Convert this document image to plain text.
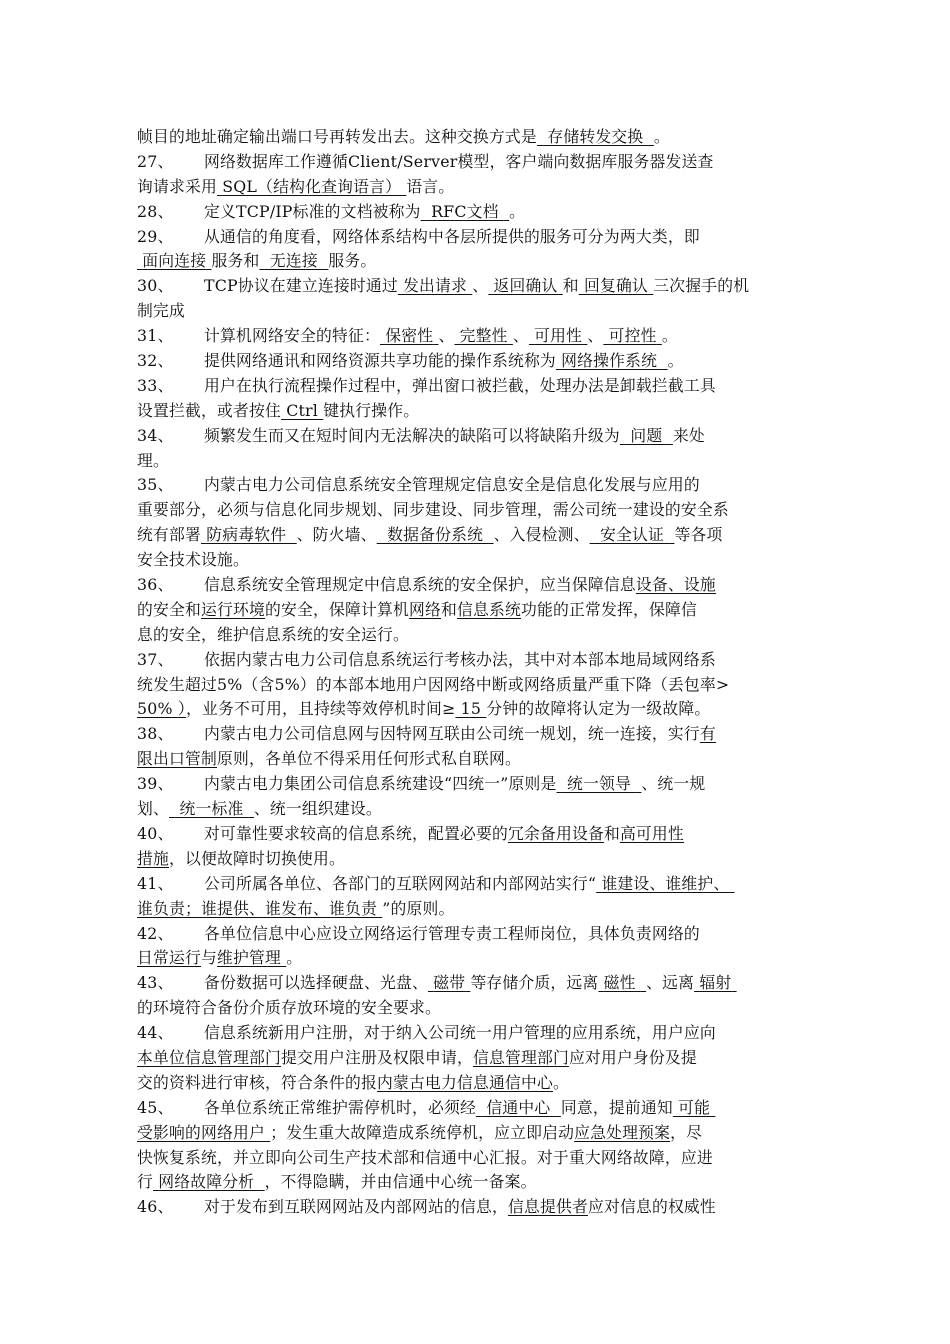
帧目的地址确定输出端口号再转发出去。这种交换方式是 存储转发交换 。
27、 网络数据库工作遵循Client/Server模型，客户端向数据库服务器发送查
询请求采用 SQL（结构化查询语言） 语言。
28、 定义TCP/IP标准的文档被称为 RFC文档 。
29、 从通信的角度看，网络体系结构中各层所提供的服务可分为两大类，即
面向连接 服务和 无连接 服务。
30、 TCP协议在建立连接时通过 发出请求 、 返回确认 和 回复确认 三次握手的机
制完成
31、 计算机网络安全的特征： 保密性 、 完整性 、 可用性 、 可控性 。
32、 提供网络通讯和网络资源共享功能的操作系统称为 网络操作系统 。
33、 用户在执行流程操作过程中，弹出窗口被拦截，处理办法是卸载拦截工具
设置拦截，或者按住 Ctrl 键执行操作。
34、 频繁发生而又在短时间内无法解决的缺陷可以将缺陷升级为 问题 来处
理。
35、 内蒙古电力公司信息系统安全管理规定信息安全是信息化发展与应用的
重要部分，必须与信息化同步规划、同步建设、同步管理，需公司统一建设的安全系
统有部署 防病毒软件 、防火墙、 数据备份系统 、入侵检测、 安全认证 等各项
安全技术设施。
36、 信息系统安全管理规定中信息系统的安全保护，应当保障信息设备、设施
的安全和运行环境的安全，保障计算机网络和信息系统功能的正常发挥，保障信
息的安全，维护信息系统的安全运行。
37、 依据内蒙古电力公司信息系统运行考核办法，其中对本部本地局域网络系
统发生超过5%（含5%）的本部本地用户因网络中断或网络质量严重下降（丢包率>
50% ），业务不可用，且持续等效停机时间≥ 15 分钟的故障将认定为一级故障。
38、 内蒙古电力公司信息网与因特网互联由公司统一规划，统一连接，实行有
限出口管制原则，各单位不得采用任何形式私自联网。
39、 内蒙古电力集团公司信息系统建设“四统一”原则是 统一领导 、统一规
划、 统一标准 、统一组织建设。
40、 对可靠性要求较高的信息系统，配置必要的冗余备用设备和高可用性
措施，以便故障时切换使用。
41、 公司所属各单位、各部门的互联网网站和内部网站实行“ 谁建设、谁维护、
谁负责；谁提供、谁发布、谁负责 ”的原则。
42、 各单位信息中心应设立网络运行管理专责工程师岗位，具体负责网络的
日常运行与维护管理 。
43、 备份数据可以选择硬盘、光盘、 磁带 等存储介质，远离 磁性 、远离 辐射
的环境符合备份介质存放环境的安全要求。
44、 信息系统新用户注册，对于纳入公司统一用户管理的应用系统，用户应向
本单位信息管理部门提交用户注册及权限申请，信息管理部门应对用户身份及提
交的资料进行审核，符合条件的报内蒙古电力信息通信中心。
45、 各单位系统正常维护需停机时，必须经 信通中心 同意，提前通知 可能
受影响的网络用户 ；发生重大故障造成系统停机，应立即启动应急处理预案，尽
快恢复系统，并立即向公司生产技术部和信通中心汇报。对于重大网络故障，应进
行 网络故障分析 ，不得隐瞒，并由信通中心统一备案。
46、 对于发布到互联网网站及内部网站的信息，信息提供者应对信息的权威性
